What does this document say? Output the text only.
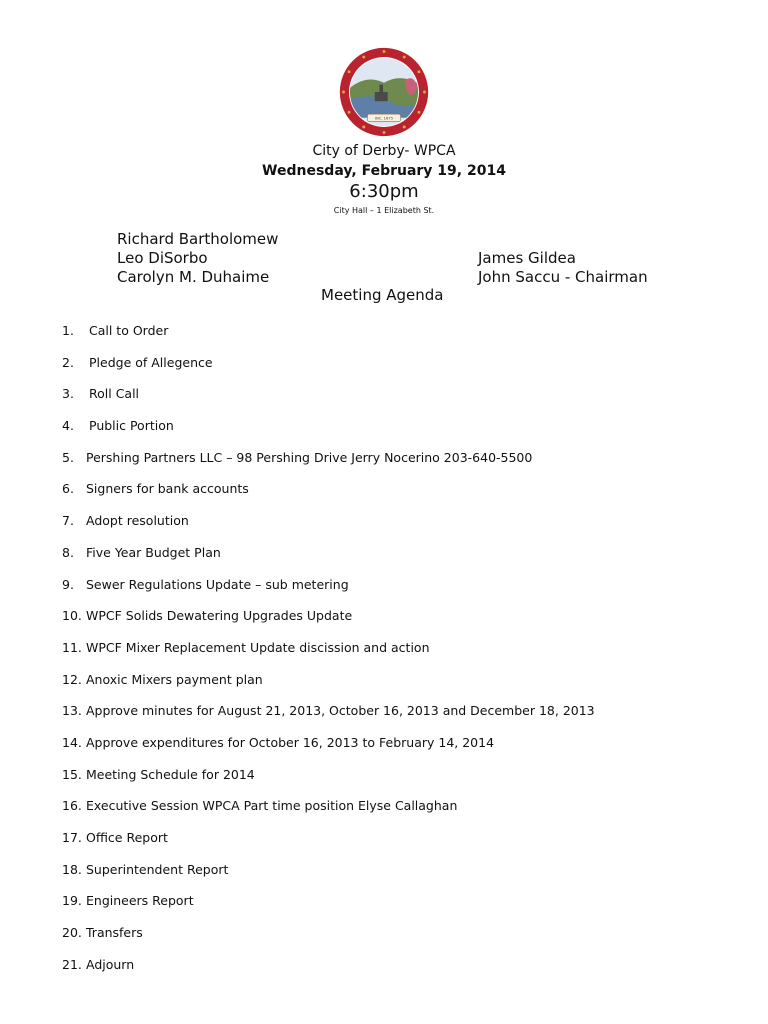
INC. 1675
City of Derby- WPCA
Wednesday, February 19, 2014
6:30pm
City Hall – 1 Elizabeth St.
Richard Bartholomew
Leo DiSorbo
Carolyn M. Duhaime
James Gildea
John Saccu - Chairman
Meeting Agenda
1.	Call to Order
2.	Pledge of Allegence
3.	Roll Call
4.	Public Portion
5. Pershing Partners LLC – 98 Pershing Drive Jerry Nocerino 203-640-5500
6. Signers for bank accounts
7. Adopt resolution
8. Five Year Budget Plan
9. Sewer Regulations Update – sub metering
10. WPCF Solids Dewatering Upgrades Update
11. WPCF Mixer Replacement Update discission and action
12. Anoxic Mixers payment plan
13. Approve minutes for August 21, 2013, October 16, 2013 and December 18, 2013
14. Approve expenditures for October 16, 2013 to February 14, 2014
15. Meeting Schedule for 2014
16. Executive Session WPCA Part time position Elyse Callaghan
17. Office Report
18. Superintendent Report
19. Engineers Report
20. Transfers
21. Adjourn
